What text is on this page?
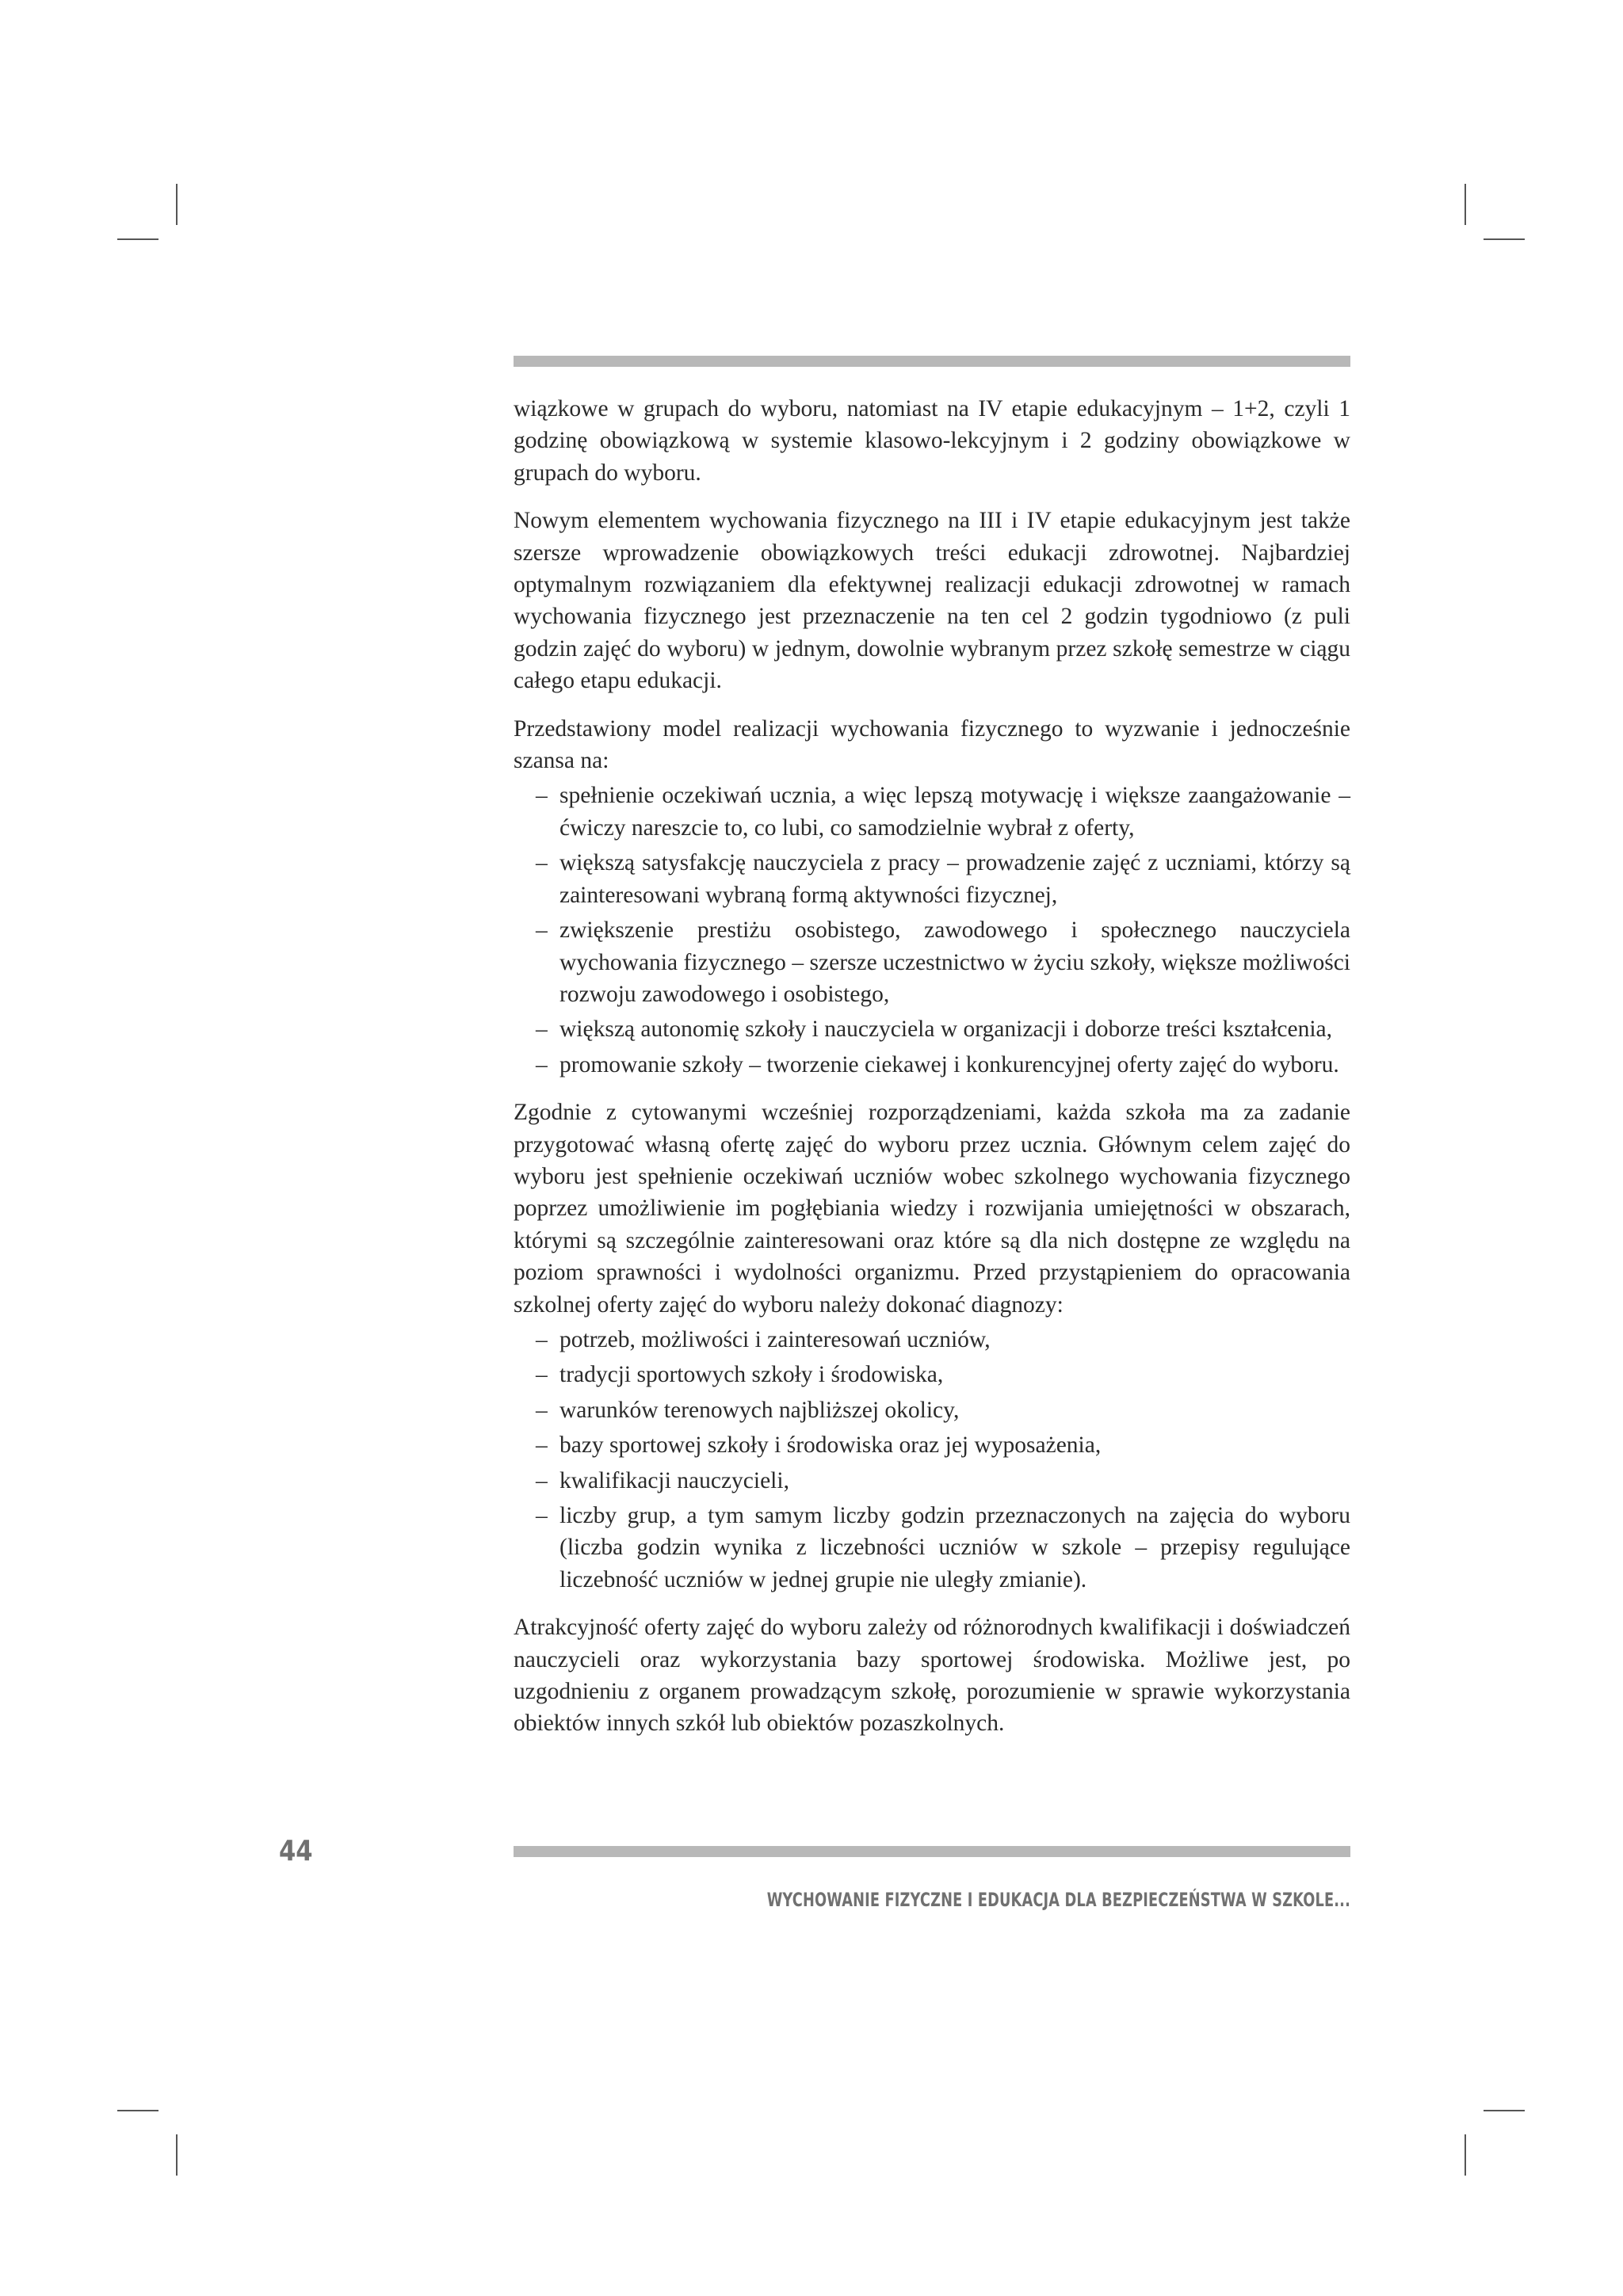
wiązkowe w grupach do wyboru, natomiast na IV etapie edukacyjnym – 1+2, czyli 1 godzinę obowiązkową w systemie klasowo-lekcyjnym i 2 godziny obowiązkowe w grupach do wyboru.

Nowym elementem wychowania fizycznego na III i IV etapie edukacyjnym jest także szersze wprowadzenie obowiązkowych treści edukacji zdrowotnej. Najbardziej optymalnym rozwiązaniem dla efektywnej realizacji edukacji zdrowotnej w ramach wychowania fizycznego jest przeznaczenie na ten cel 2 godzin tygodniowo (z puli godzin zajęć do wyboru) w jednym, dowolnie wybranym przez szkołę semestrze w ciągu całego etapu edukacji.

Przedstawiony model realizacji wychowania fizycznego to wyzwanie i jednocześnie szansa na:

– spełnienie oczekiwań ucznia, a więc lepszą motywację i większe zaangażowanie – ćwiczy nareszcie to, co lubi, co samodzielnie wybrał z oferty,
– większą satysfakcję nauczyciela z pracy – prowadzenie zajęć z uczniami, którzy są zainteresowani wybraną formą aktywności fizycznej,
– zwiększenie prestiżu osobistego, zawodowego i społecznego nauczyciela wychowania fizycznego – szersze uczestnictwo w życiu szkoły, większe możliwości rozwoju zawodowego i osobistego,
– większą autonomię szkoły i nauczyciela w organizacji i doborze treści kształcenia,
– promowanie szkoły – tworzenie ciekawej i konkurencyjnej oferty zajęć do wyboru.

Zgodnie z cytowanymi wcześniej rozporządzeniami, każda szkoła ma za zadanie przygotować własną ofertę zajęć do wyboru przez ucznia. Głównym celem zajęć do wyboru jest spełnienie oczekiwań uczniów wobec szkolnego wychowania fizycznego poprzez umożliwienie im pogłębiania wiedzy i rozwijania umiejętności w obszarach, którymi są szczególnie zainteresowani oraz które są dla nich dostępne ze względu na poziom sprawności i wydolności organizmu. Przed przystąpieniem do opracowania szkolnej oferty zajęć do wyboru należy dokonać diagnozy:

– potrzeb, możliwości i zainteresowań uczniów,
– tradycji sportowych szkoły i środowiska,
– warunków terenowych najbliższej okolicy,
– bazy sportowej szkoły i środowiska oraz jej wyposażenia,
– kwalifikacji nauczycieli,
– liczby grup, a tym samym liczby godzin przeznaczonych na zajęcia do wyboru (liczba godzin wynika z liczebności uczniów w szkole – przepisy regulujące liczebność uczniów w jednej grupie nie uległy zmianie).

Atrakcyjność oferty zajęć do wyboru zależy od różnorodnych kwalifikacji i doświadczeń nauczycieli oraz wykorzystania bazy sportowej środowiska. Możliwe jest, po uzgodnieniu z organem prowadzącym szkołę, porozumienie w sprawie wykorzystania obiektów innych szkół lub obiektów pozaszkolnych.

44
WYCHOWANIE FIZYCZNE I EDUKACJA DLA BEZPIECZEŃSTWA W SZKOLE...
